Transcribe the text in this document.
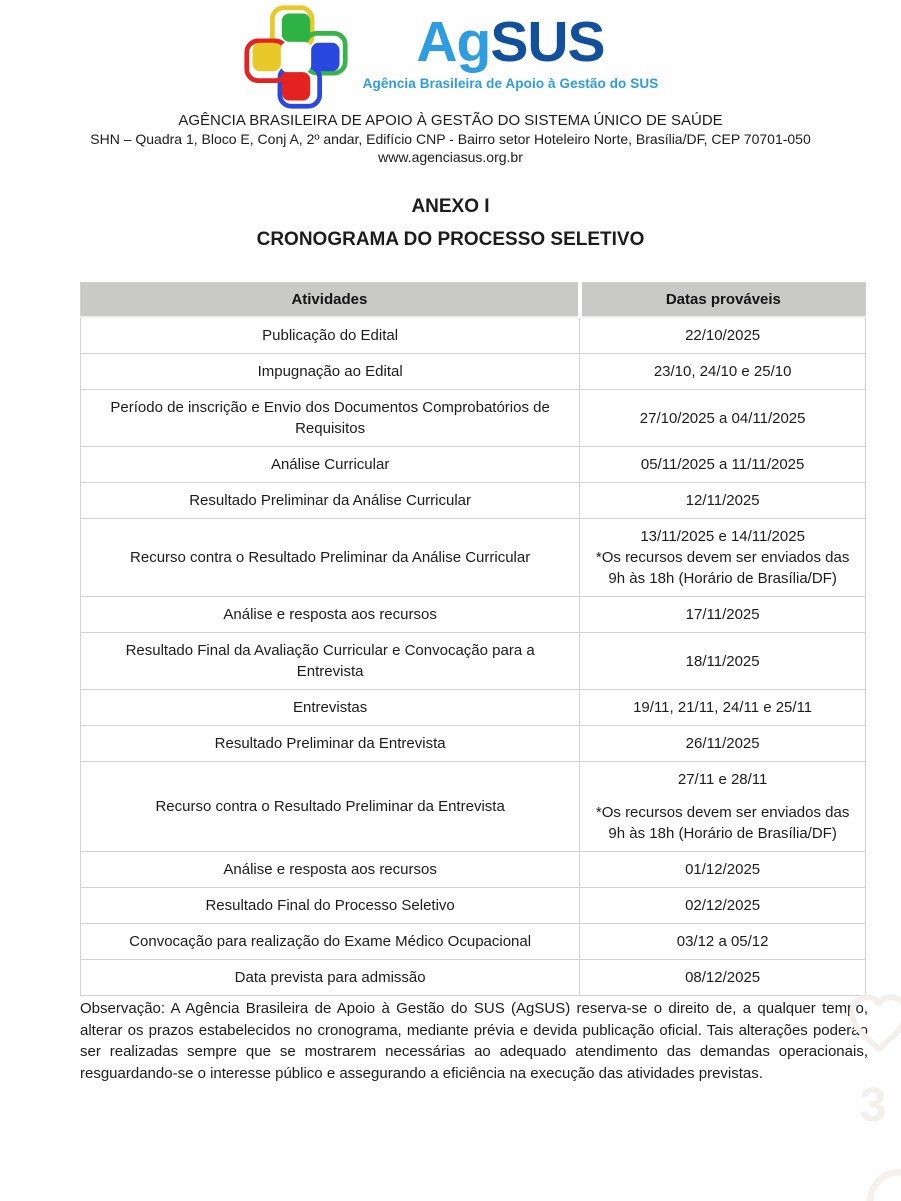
AgSUS
Agência Brasileira de Apoio à Gestão do SUS
AGÊNCIA BRASILEIRA DE APOIO À GESTÃO DO SISTEMA ÚNICO DE SAÚDE
SHN – Quadra 1, Bloco E, Conj A, 2º andar, Edifício CNP - Bairro setor Hoteleiro Norte, Brasília/DF, CEP 70701-050
www.agenciasus.org.br
ANEXO I
CRONOGRAMA DO PROCESSO SELETIVO
Atividades	Datas prováveis
Publicação do Edital	22/10/2025

Impugnação ao Edital	23/10, 24/10 e 25/10

Período de inscrição e Envio dos Documentos Comprobatórios de Requisitos	27/10/2025 a 04/11/2025

Análise Curricular	05/11/2025 a 11/11/2025

Resultado Preliminar da Análise Curricular	12/11/2025

Recurso contra o Resultado Preliminar da Análise Curricular	13/11/2025 e 14/11/2025
*Os recursos devem ser enviados das 9h às 18h (Horário de Brasília/DF)

Análise e resposta aos recursos	17/11/2025

Resultado Final da Avaliação Curricular e Convocação para a Entrevista	18/11/2025

Entrevistas	19/11, 21/11, 24/11 e 25/11

Resultado Preliminar da Entrevista	26/11/2025

Recurso contra o Resultado Preliminar da Entrevista	27/11 e 28/11
*Os recursos devem ser enviados das 9h às 18h (Horário de Brasília/DF)

Análise e resposta aos recursos	01/12/2025

Resultado Final do Processo Seletivo	02/12/2025

Convocação para realização do Exame Médico Ocupacional	03/12 a 05/12

Data prevista para admissão	08/12/2025

Observação: A Agência Brasileira de Apoio à Gestão do SUS (AgSUS) reserva-se o direito de, a qualquer tempo, alterar os prazos estabelecidos no cronograma, mediante prévia e devida publicação oficial. Tais alterações poderão ser realizadas sempre que se mostrarem necessárias ao adequado atendimento das demandas operacionais, resguardando-se o interesse público e assegurando a eficiência na execução das atividades previstas.

3
